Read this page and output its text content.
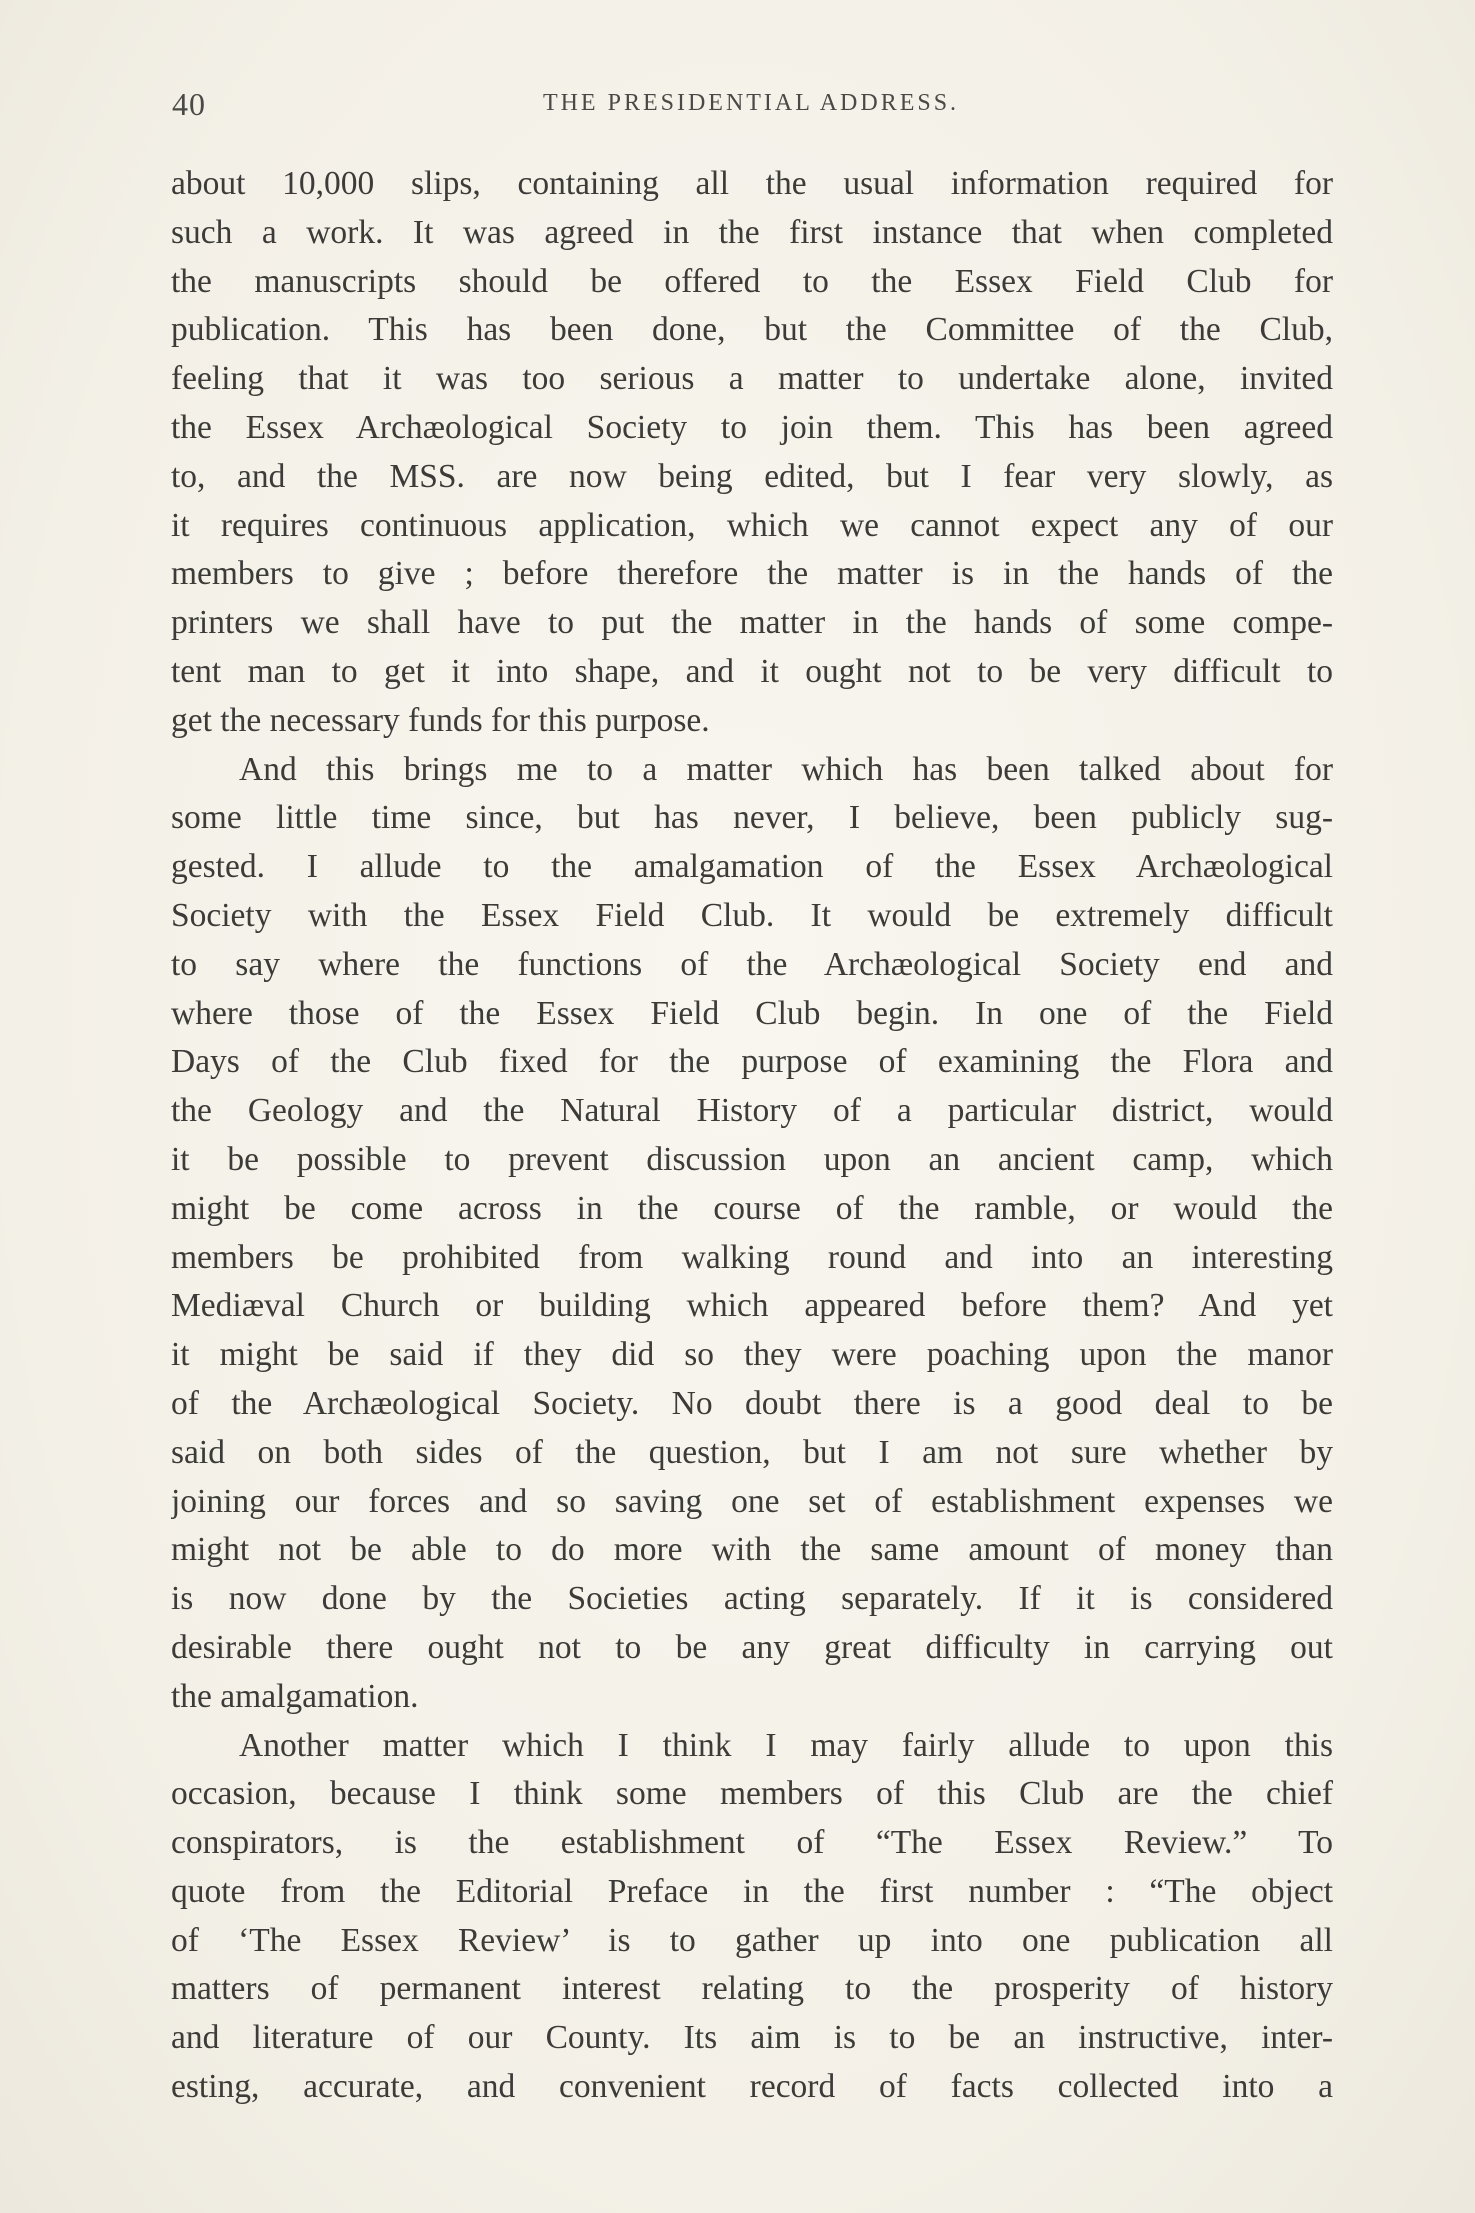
40	THE PRESIDENTIAL ADDRESS.
about 10,000 slips, containing all the usual information required for
such a work. It was agreed in the first instance that when completed
the manuscripts should be offered to the Essex Field Club for
publication. This has been done, but the Committee of the Club,
feeling that it was too serious a matter to undertake alone, invited
the Essex Archæological Society to join them. This has been agreed
to, and the MSS. are now being edited, but I fear very slowly, as
it requires continuous application, which we cannot expect any of our
members to give ; before therefore the matter is in the hands of the
printers we shall have to put the matter in the hands of some compe-
tent man to get it into shape, and it ought not to be very difficult to
get the necessary funds for this purpose.
And this brings me to a matter which has been talked about for
some little time since, but has never, I believe, been publicly sug-
gested. I allude to the amalgamation of the Essex Archæological
Society with the Essex Field Club. It would be extremely difficult
to say where the functions of the Archæological Society end and
where those of the Essex Field Club begin. In one of the Field
Days of the Club fixed for the purpose of examining the Flora and
the Geology and the Natural History of a particular district, would
it be possible to prevent discussion upon an ancient camp, which
might be come across in the course of the ramble, or would the
members be prohibited from walking round and into an interesting
Mediæval Church or building which appeared before them? And yet
it might be said if they did so they were poaching upon the manor
of the Archæological Society. No doubt there is a good deal to be
said on both sides of the question, but I am not sure whether by
joining our forces and so saving one set of establishment expenses we
might not be able to do more with the same amount of money than
is now done by the Societies acting separately. If it is considered
desirable there ought not to be any great difficulty in carrying out
the amalgamation.
Another matter which I think I may fairly allude to upon this
occasion, because I think some members of this Club are the chief
conspirators, is the establishment of “The Essex Review.” To
quote from the Editorial Preface in the first number : “The object
of ‘The Essex Review’ is to gather up into one publication all
matters of permanent interest relating to the prosperity of history
and literature of our County. Its aim is to be an instructive, inter-
esting, accurate, and convenient record of facts collected into a
